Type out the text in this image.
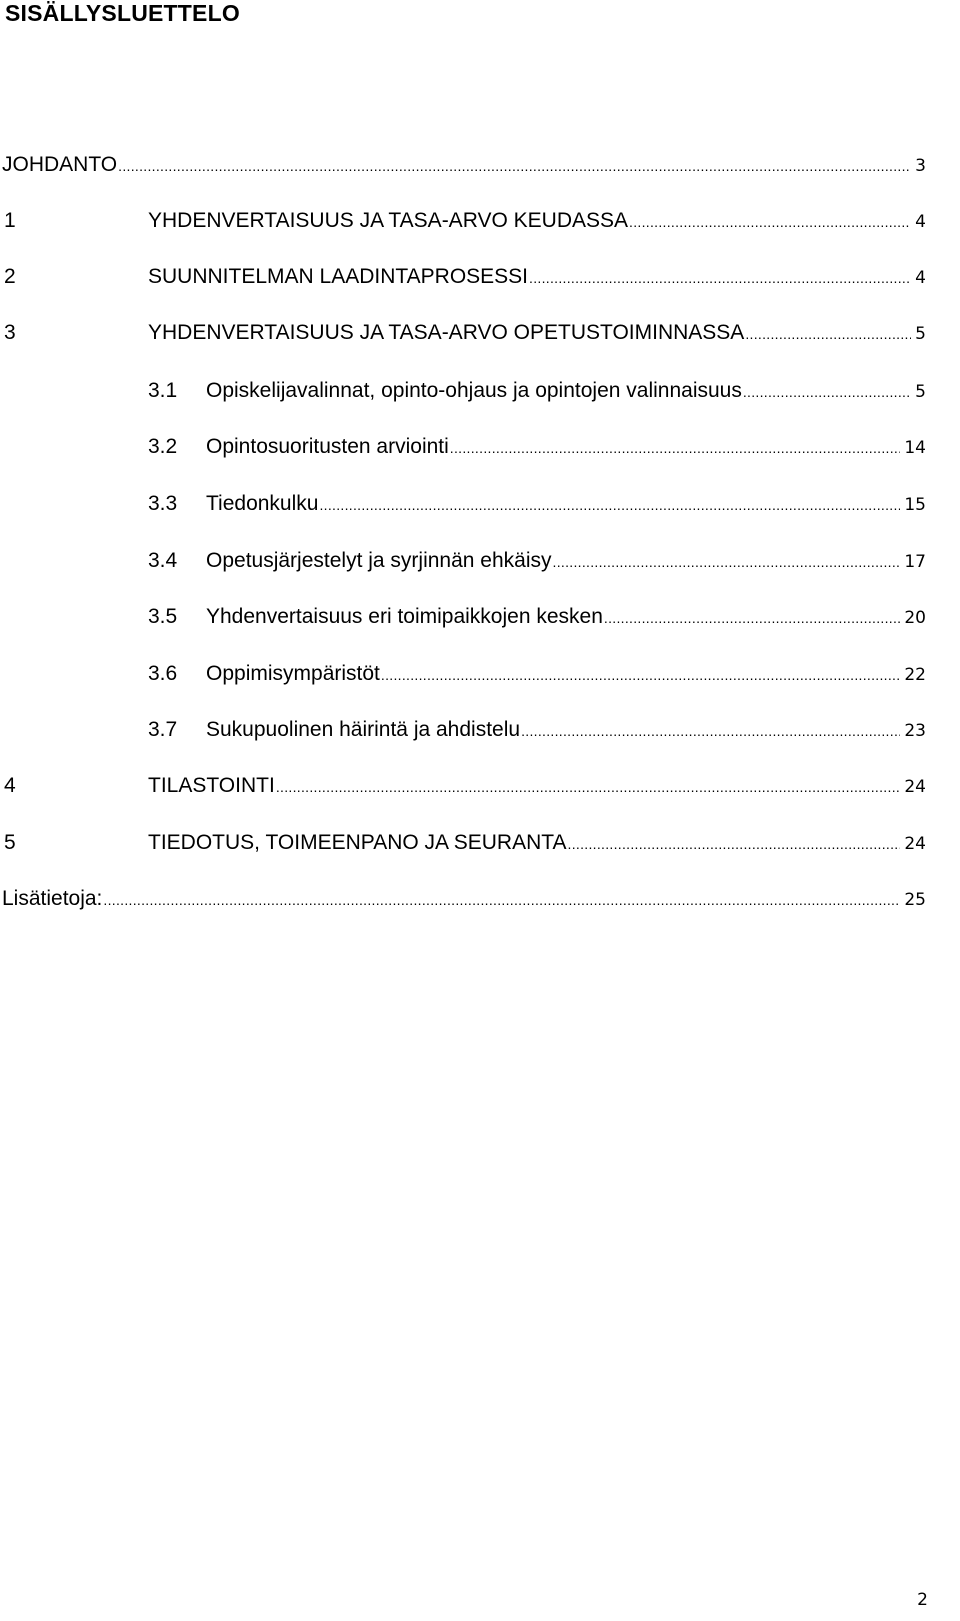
SISÄLLYSLUETTELO
JOHDANTO .....	3
1	YHDENVERTAISUUS JA TASA-ARVO KEUDASSA .....	4
2	SUUNNITELMAN LAADINTAPROSESSI .....	4
3	YHDENVERTAISUUS JA TASA-ARVO OPETUSTOIMINNASSA .....	5
3.1 Opiskelijavalinnat, opinto-ohjaus ja opintojen valinnaisuus .....	5
3.2 Opintosuoritusten arviointi .....	14
3.3 Tiedonkulku .....	15
3.4 Opetusjärjestelyt ja syrjinnän ehkäisy .....	17
3.5 Yhdenvertaisuus eri toimipaikkojen kesken .....	20
3.6 Oppimisympäristöt .....	22
3.7 Sukupuolinen häirintä ja ahdistelu .....	23
4	TILASTOINTI .....	24
5	TIEDOTUS, TOIMEENPANO JA SEURANTA .....	24
Lisätietoja: .....	25
2
